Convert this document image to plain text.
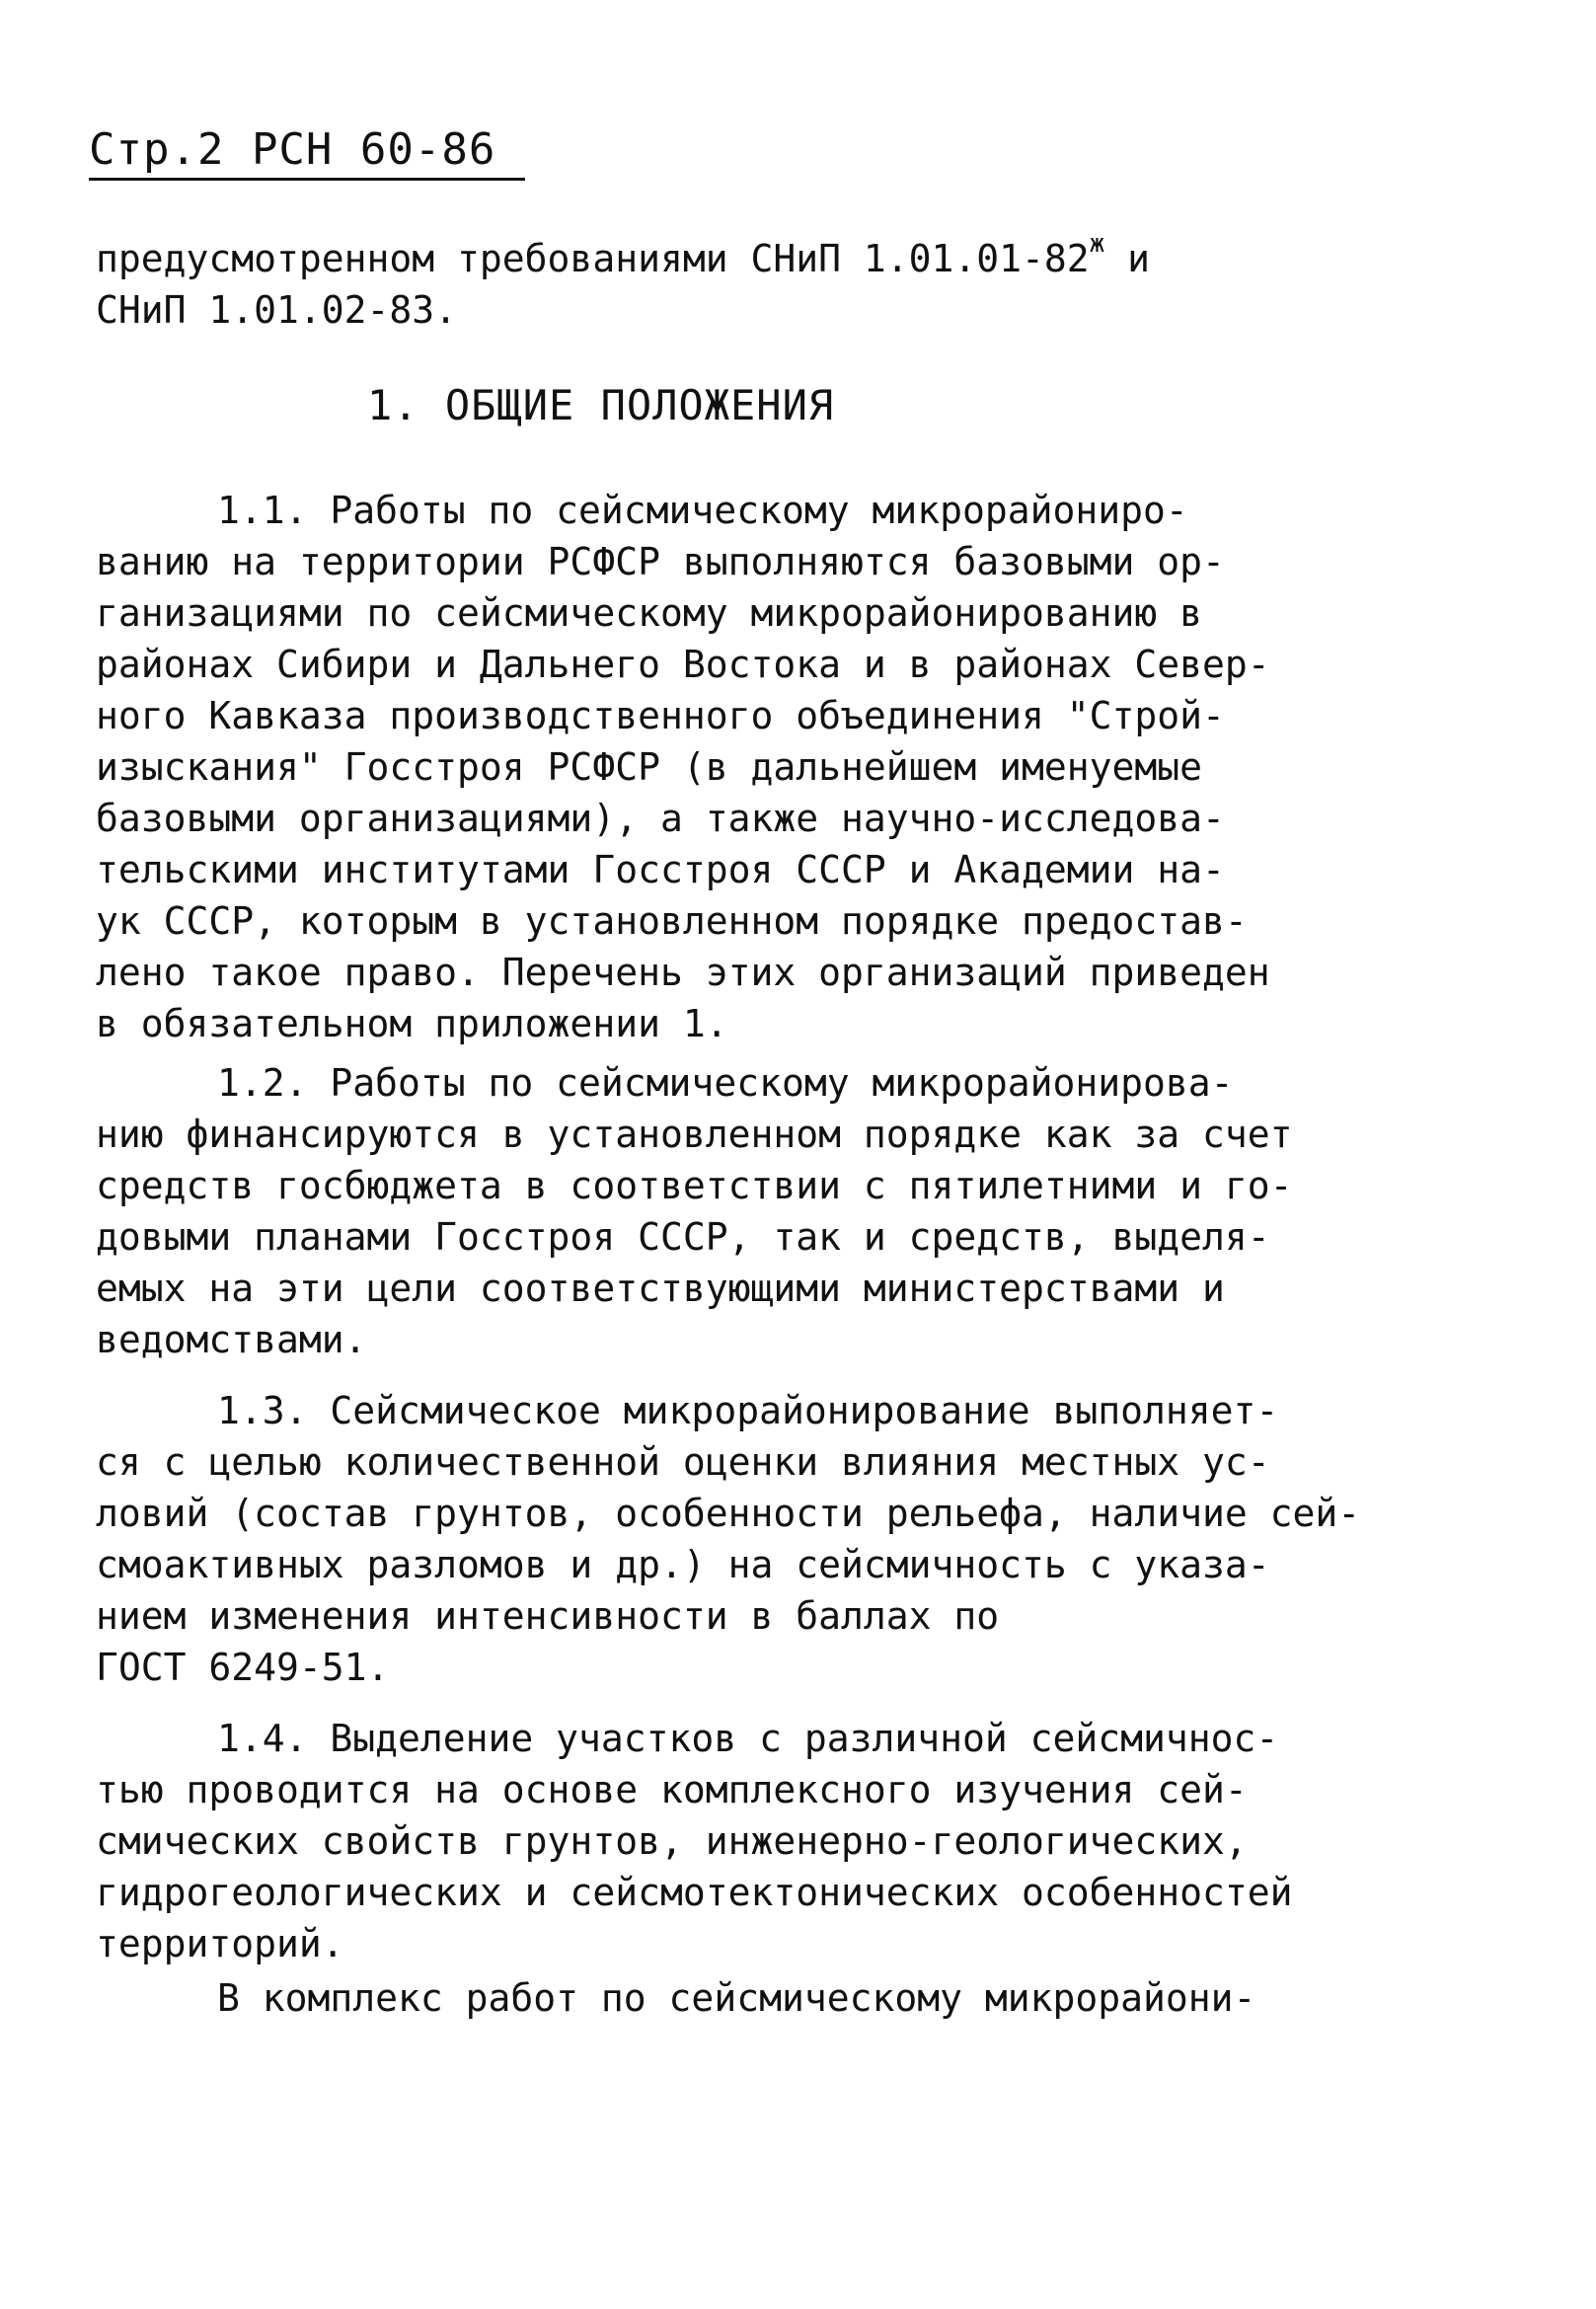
Стр.2 РСН 60-86
предусмотренном требованиями СНиП $1.01.01-82^ж$ и
СНиП 1.01.02-83.
1. ОБЩИЕ ПОЛОЖЕНИЯ
1.1. Работы по сейсмическому микрорайониро-
ванию на территории РСФСР выполняются базовыми ор-
ганизациями по сейсмическому микрорайонированию в
районах Сибири и Дальнего Востока и в районах Север-
ного Кавказа производственного объединения "Строй-
изыскания" Госстроя РСФСР (в дальнейшем именуемые
базовыми организациями), а также научно-исследова-
тельскими институтами Госстроя СССР и Академии на-
ук СССР, которым в установленном порядке предостав-
лено такое право. Перечень этих организаций приведен
в обязательном приложении 1.
1.2. Работы по сейсмическому микрорайонирова-
нию финансируются в установленном порядке как за счет
средств госбюджета в соответствии с пятилетними и го-
довыми планами Госстроя СССР, так и средств, выделя-
емых на эти цели соответствующими министерствами и
ведомствами.
1.3. Сейсмическое микрорайонирование выполняет-
ся с целью количественной оценки влияния местных ус-
ловий (состав грунтов, особенности рельефа, наличие сей-
смоактивных разломов и др.) на сейсмичность с указа-
нием изменения интенсивности в баллах по
ГОСТ 6249-51.
1.4. Выделение участков с различной сейсмичнос-
тью проводится на основе комплексного изучения сей-
смических свойств грунтов, инженерно-геологических,
гидрогеологических и сейсмотектонических особенностей
территорий.
В комплекс работ по сейсмическому микрорайони-
